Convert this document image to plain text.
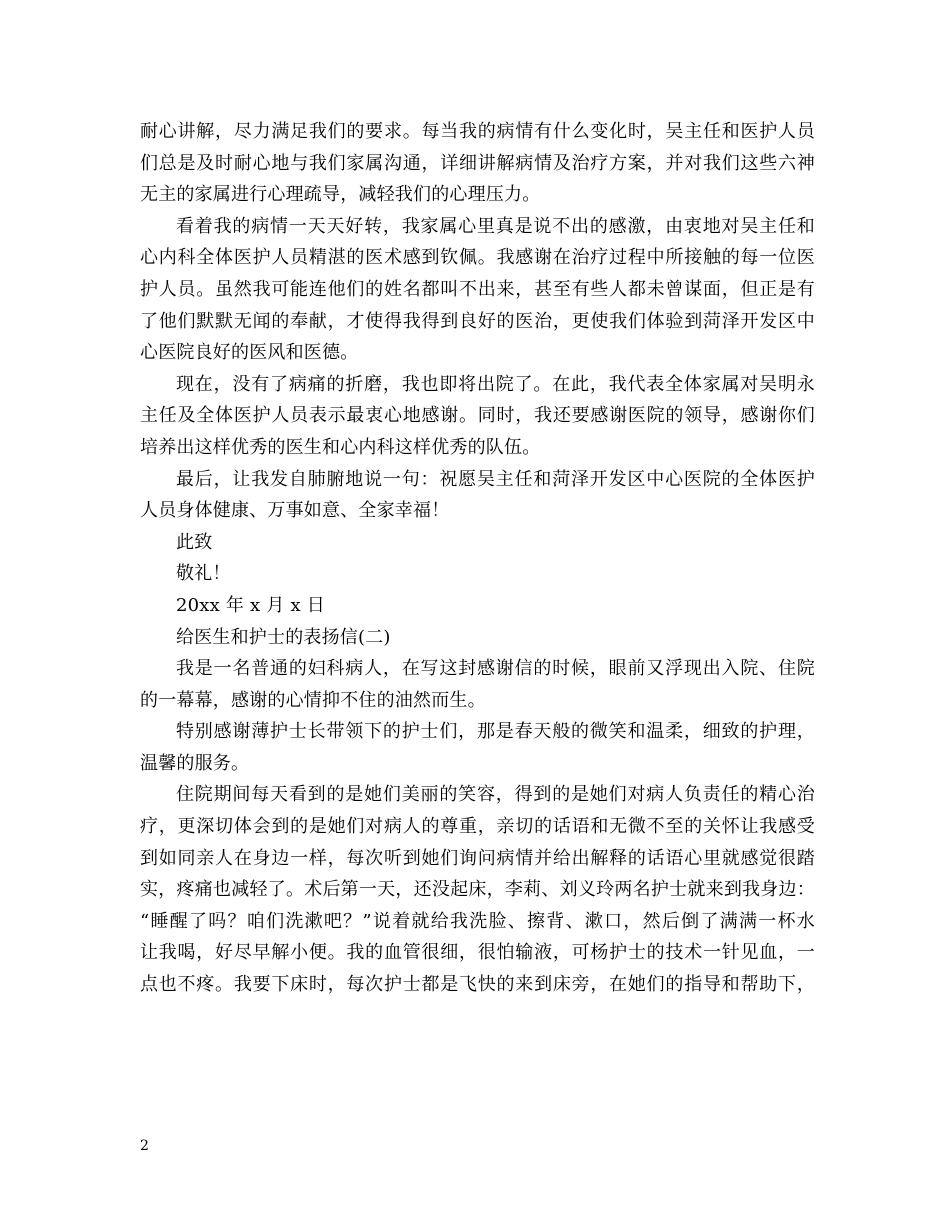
耐心讲解，尽力满足我们的要求。每当我的病情有什么变化时，吴主任和医护人员
们总是及时耐心地与我们家属沟通，详细讲解病情及治疗方案，并对我们这些六神
无主的家属进行心理疏导，减轻我们的心理压力。
看着我的病情一天天好转，我家属心里真是说不出的感激，由衷地对吴主任和
心内科全体医护人员精湛的医术感到钦佩。我感谢在治疗过程中所接触的每一位医
护人员。虽然我可能连他们的姓名都叫不出来，甚至有些人都未曾谋面，但正是有
了他们默默无闻的奉献，才使得我得到良好的医治，更使我们体验到菏泽开发区中
心医院良好的医风和医德。
现在，没有了病痛的折磨，我也即将出院了。在此，我代表全体家属对吴明永
主任及全体医护人员表示最衷心地感谢。同时，我还要感谢医院的领导，感谢你们
培养出这样优秀的医生和心内科这样优秀的队伍。
最后，让我发自肺腑地说一句：祝愿吴主任和菏泽开发区中心医院的全体医护
人员身体健康、万事如意、全家幸福！
此致
敬礼！
20xx 年 x 月 x 日
给医生和护士的表扬信(二)
我是一名普通的妇科病人，在写这封感谢信的时候，眼前又浮现出入院、住院
的一幕幕，感谢的心情抑不住的油然而生。
特别感谢薄护士长带领下的护士们，那是春天般的微笑和温柔，细致的护理，
温馨的服务。
住院期间每天看到的是她们美丽的笑容，得到的是她们对病人负责任的精心治
疗，更深切体会到的是她们对病人的尊重，亲切的话语和无微不至的关怀让我感受
到如同亲人在身边一样，每次听到她们询问病情并给出解释的话语心里就感觉很踏
实，疼痛也减轻了。术后第一天，还没起床，李莉、刘义玲两名护士就来到我身边：
“睡醒了吗？咱们洗漱吧？”说着就给我洗脸、擦背、漱口，然后倒了满满一杯水
让我喝，好尽早解小便。我的血管很细，很怕输液，可杨护士的技术一针见血，一
点也不疼。我要下床时，每次护士都是飞快的来到床旁，在她们的指导和帮助下，
2
